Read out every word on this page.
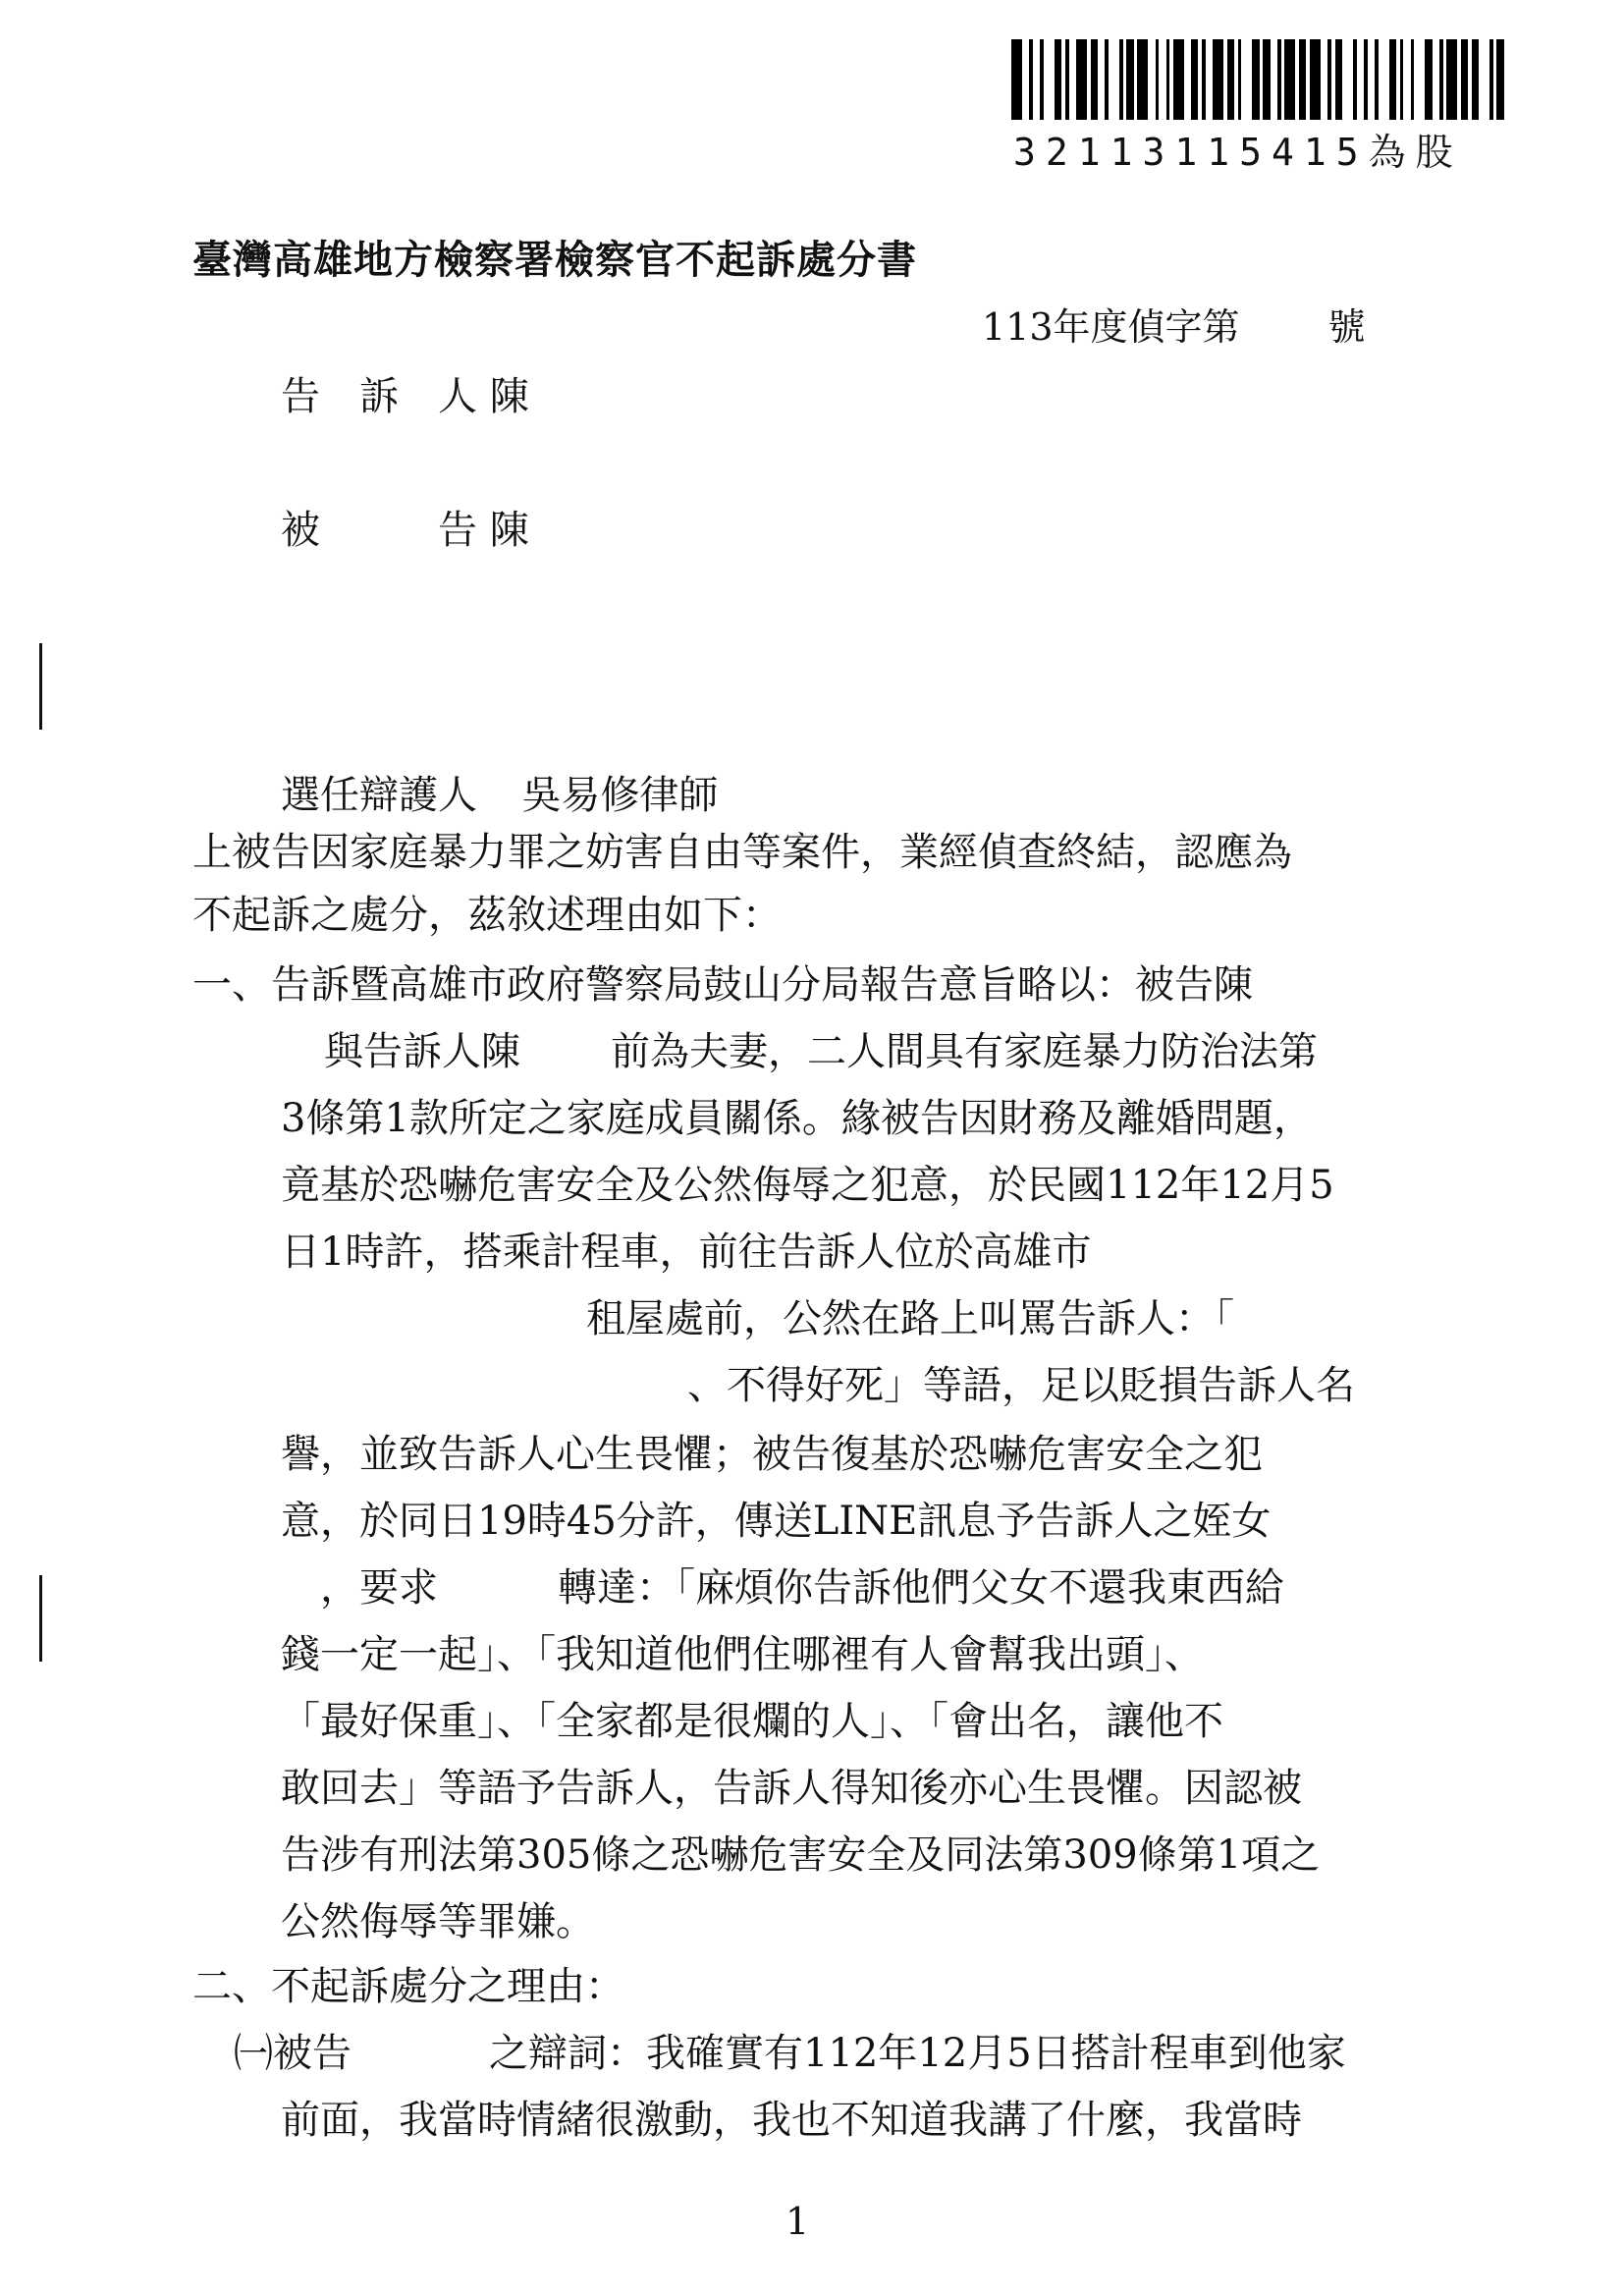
32113115415為股
臺灣高雄地方檢察署檢察官不起訴處分書
113年度偵字第 號
告　訴　人 陳
被　　　告 陳
選任辯護人 吳易修律師
上被告因家庭暴力罪之妨害自由等案件，業經偵查終結，認應為
不起訴之處分，茲敘述理由如下：
一、告訴暨高雄市政府警察局鼓山分局報告意旨略以：被告陳
與告訴人陳 前為夫妻，二人間具有家庭暴力防治法第
3條第1款所定之家庭成員關係。緣被告因財務及離婚問題，
竟基於恐嚇危害安全及公然侮辱之犯意，於民國112年12月5
日1時許，搭乘計程車，前往告訴人位於高雄市
租屋處前，公然在路上叫罵告訴人：「
、不得好死」等語，足以貶損告訴人名
譽，並致告訴人心生畏懼；被告復基於恐嚇危害安全之犯
意，於同日19時45分許，傳送LINE訊息予告訴人之姪女
，要求	轉達：「麻煩你告訴他們父女不還我東西給
錢一定一起」、「我知道他們住哪裡有人會幫我出頭」、
「最好保重」、「全家都是很爛的人」、「會出名，讓他不
敢回去」等語予告訴人，告訴人得知後亦心生畏懼。因認被
告涉有刑法第305條之恐嚇危害安全及同法第309條第1項之
公然侮辱等罪嫌。
二、不起訴處分之理由：
㈠被告	之辯詞：我確實有112年12月5日搭計程車到他家
前面，我當時情緒很激動，我也不知道我講了什麼，我當時
1
